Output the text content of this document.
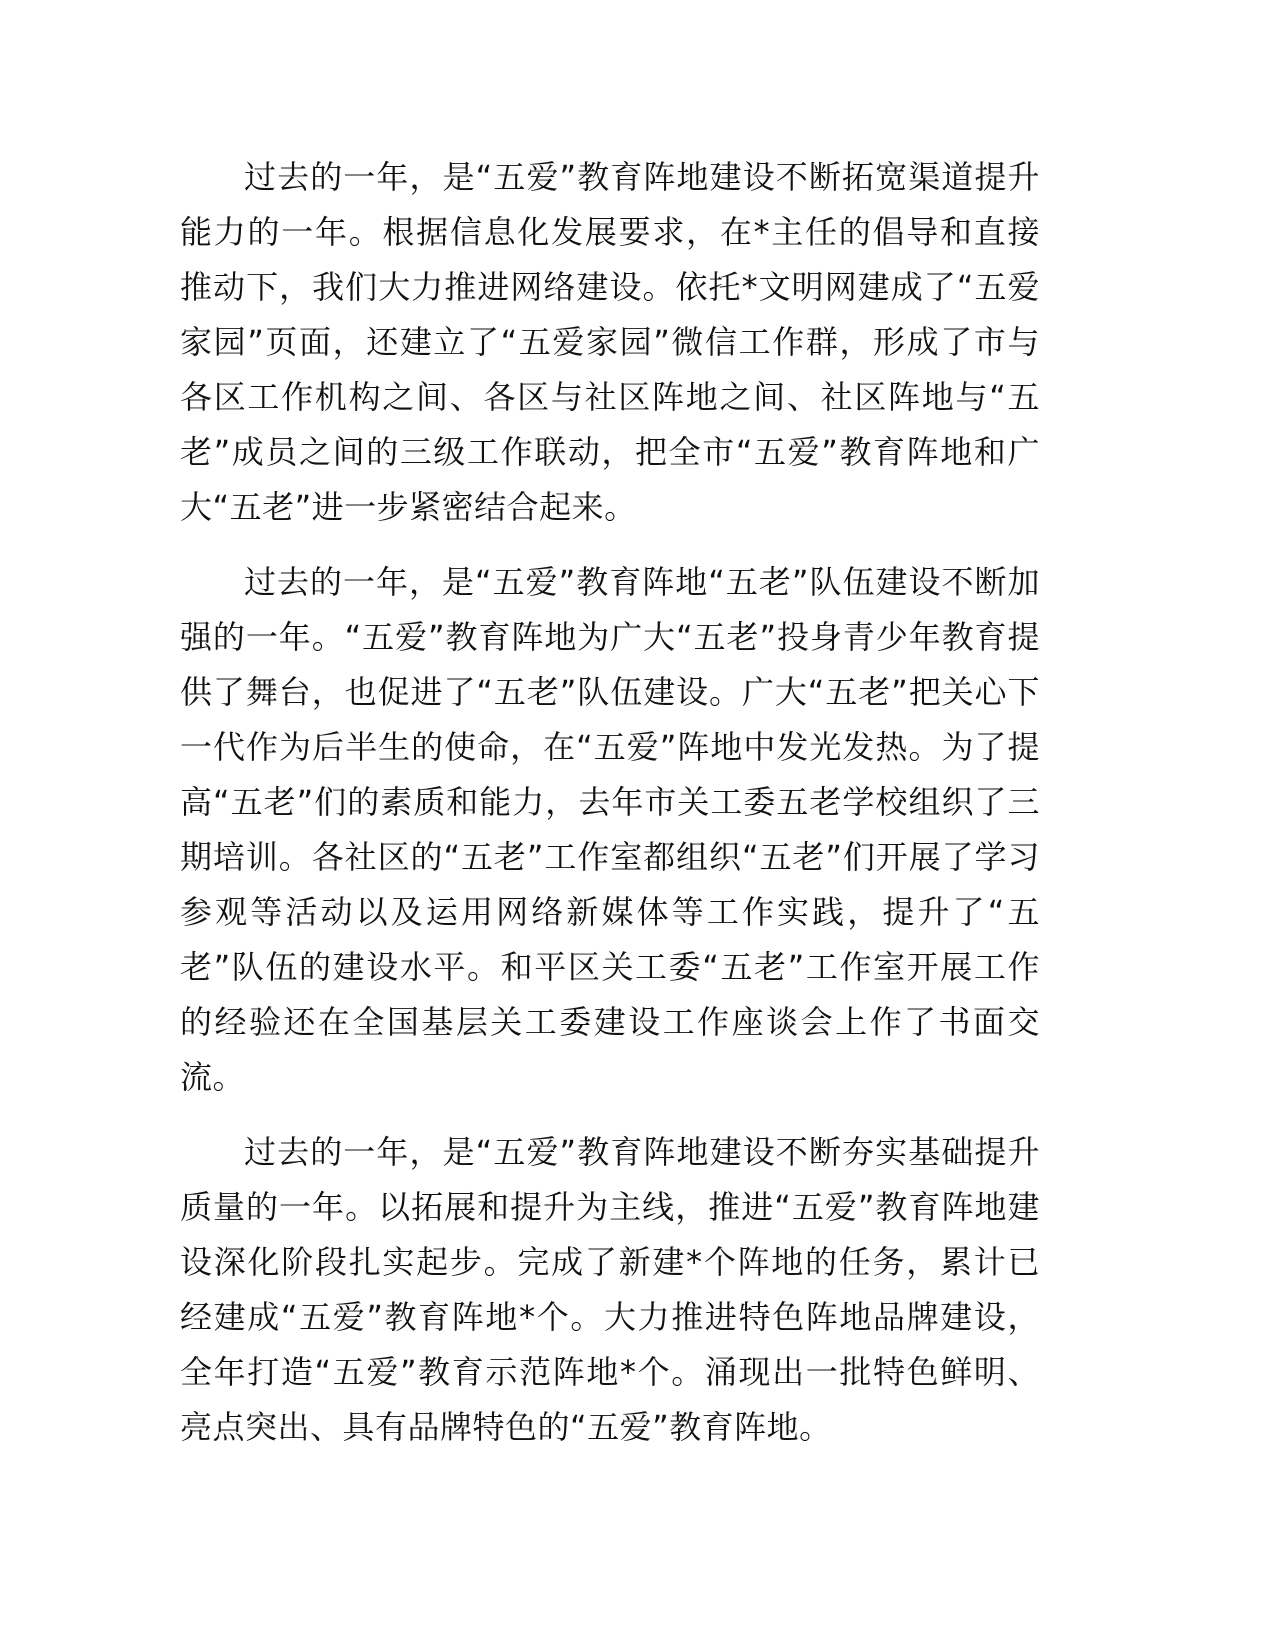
过去的一年，是“五爱”教育阵地建设不断拓宽渠道提升能力的一年。根据信息化发展要求，在*主任的倡导和直接推动下，我们大力推进网络建设。依托*文明网建成了“五爱家园”页面，还建立了“五爱家园”微信工作群，形成了市与各区工作机构之间、各区与社区阵地之间、社区阵地与“五老”成员之间的三级工作联动，把全市“五爱”教育阵地和广大“五老”进一步紧密结合起来。

过去的一年，是“五爱”教育阵地“五老”队伍建设不断加强的一年。“五爱”教育阵地为广大“五老”投身青少年教育提供了舞台，也促进了“五老”队伍建设。广大“五老”把关心下一代作为后半生的使命，在“五爱”阵地中发光发热。为了提高“五老”们的素质和能力，去年市关工委五老学校组织了三期培训。各社区的“五老”工作室都组织“五老”们开展了学习参观等活动以及运用网络新媒体等工作实践，提升了“五老”队伍的建设水平。和平区关工委“五老”工作室开展工作的经验还在全国基层关工委建设工作座谈会上作了书面交流。

过去的一年，是“五爱”教育阵地建设不断夯实基础提升质量的一年。以拓展和提升为主线，推进“五爱”教育阵地建设深化阶段扎实起步。完成了新建*个阵地的任务，累计已经建成“五爱”教育阵地*个。大力推进特色阵地品牌建设，全年打造“五爱”教育示范阵地*个。涌现出一批特色鲜明、亮点突出、具有品牌特色的“五爱”教育阵地。
